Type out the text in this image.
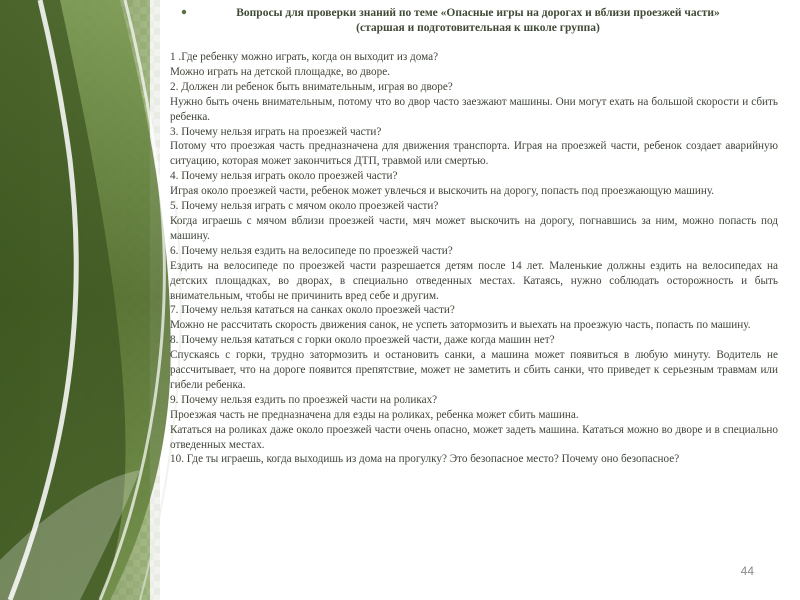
Вопросы для проверки знаний по теме «Опасные игры на дорогах и вблизи проезжей части»
(старшая и подготовительная к школе группа)

1 .Где ребенку можно играть, когда он выходит из дома?

Можно играть на детской площадке, во дворе.

2. Должен ли ребенок быть внимательным, играя во дворе?

Нужно быть очень внимательным, потому что во двор часто заезжают машины. Они могут ехать на большой скорости и сбить ребенка.

3. Почему нельзя играть на проезжей части?

Потому что проезжая часть предназначена для движения транспорта. Играя на проезжей части, ребенок создает аварийную ситуацию, которая может закончиться ДТП, травмой или смертью.

4. Почему нельзя играть около проезжей части?

Играя около проезжей части, ребенок может увлечься и выскочить на дорогу, попасть под проезжающую машину.

5. Почему нельзя играть с мячом около проезжей части?

Когда играешь с мячом вблизи проезжей части, мяч может выскочить на дорогу, погнавшись за ним, можно попасть под машину.

6. Почему нельзя ездить на велосипеде по проезжей части?

Ездить на велосипеде по проезжей части разрешается детям после 14 лет. Маленькие должны ездить на велосипедах на детских площадках, во дворах, в специально отведенных местах. Катаясь, нужно соблюдать осторожность и быть внимательным, чтобы не причинить вред себе и другим.

7. Почему нельзя кататься на санках около проезжей части?

Можно не рассчитать скорость движения санок, не успеть затормозить и выехать на проезжую часть, попасть по машину.

8. Почему нельзя кататься с горки около проезжей части, даже когда машин нет?

Спускаясь с горки, трудно затормозить и остановить санки, а машина может появиться в любую минуту. Водитель не рассчитывает, что на дороге появится препятствие, может не заметить и сбить санки, что приведет к серьезным травмам или гибели ребенка.

9. Почему нельзя ездить по проезжей части на роликах?

Проезжая часть не предназначена для езды на роликах, ребенка может сбить машина.

Кататься на роликах даже около проезжей части очень опасно, может задеть машина. Кататься можно во дворе и в специально отведенных местах.

10. Где ты играешь, когда выходишь из дома на прогулку? Это безопасное место? Почему оно безопасное?

44
